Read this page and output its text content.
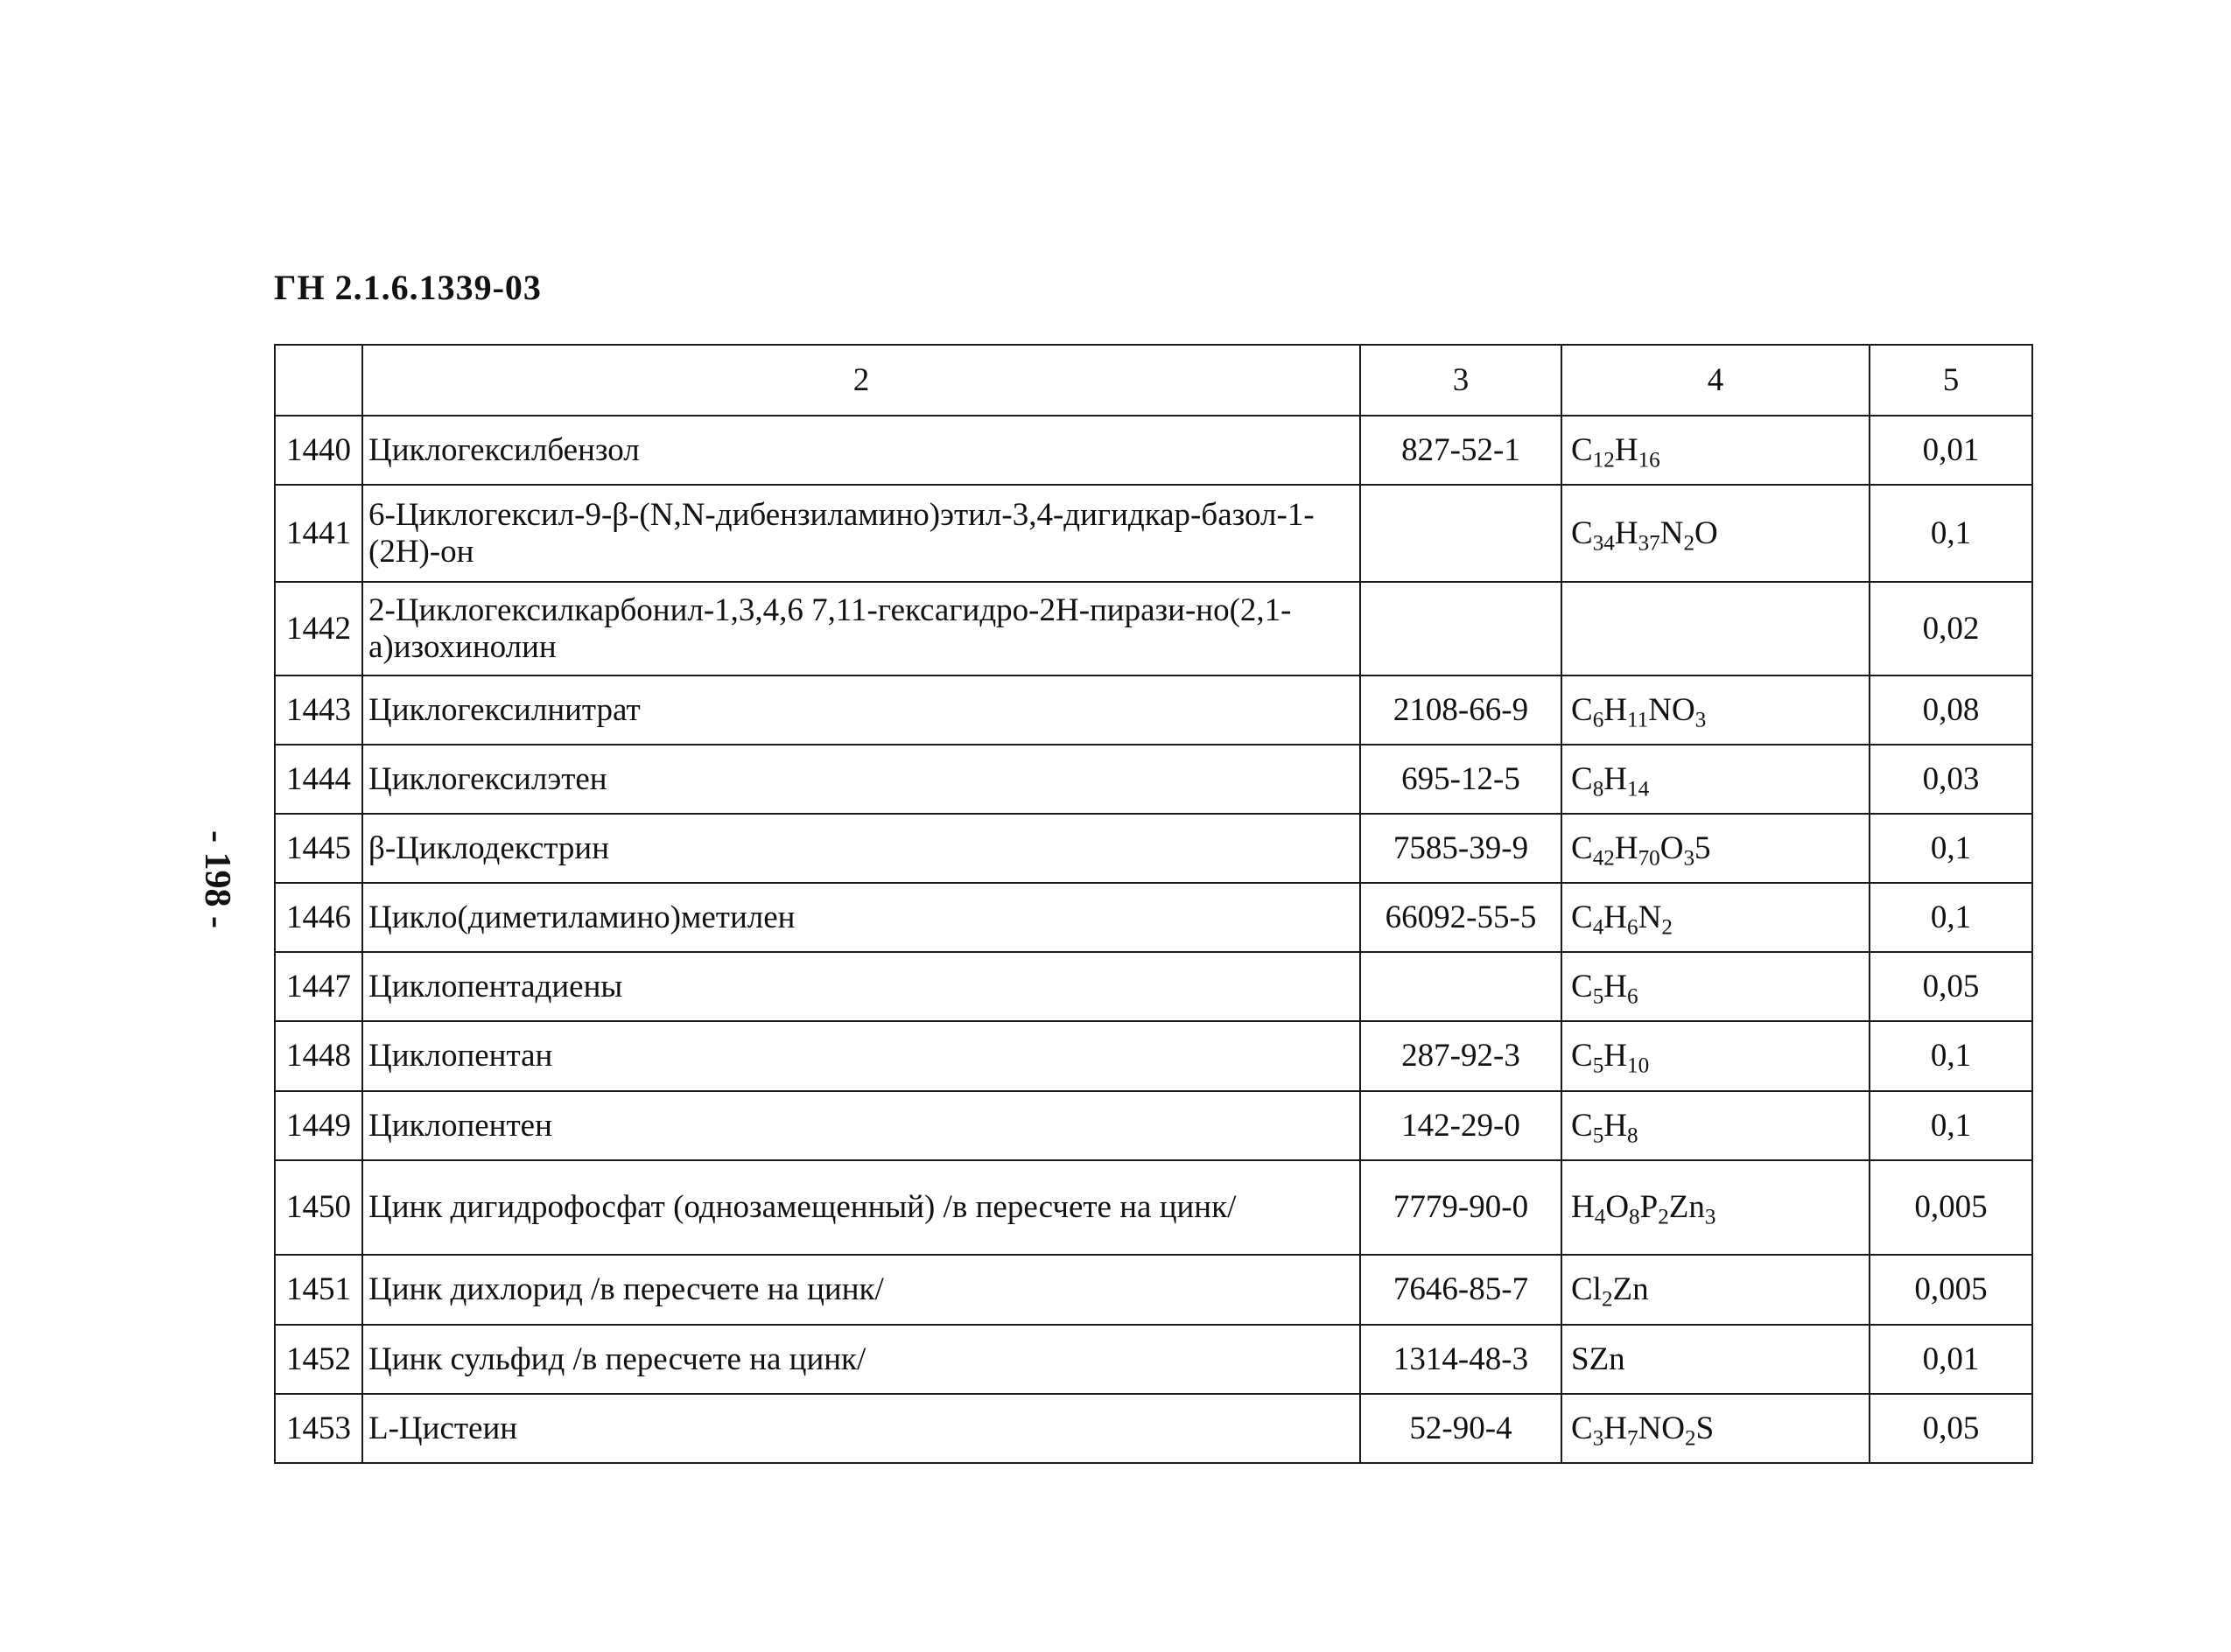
ГН 2.1.6.1339-03
- 198 -
	2	3	4	5
1440	Циклогексилбензол	827-52-1	$C_{12}H_{16}$	0,01
1441	6-Циклогексил-9-β-(N,N-дибензиламино)этил-3,4-дигидкар-базол-1-(2H)-он		$C_{34}H_{37}N_2O$	0,1
1442	2-Циклогексилкарбонил-1,3,4,6 7,11-гексагидро-2H-пирази-но(2,1-а)изохинолин			0,02
1443	Циклогексилнитрат	2108-66-9	$C_6H_{11}NO_3$	0,08
1444	Циклогексилэтен	695-12-5	$C_8H_{14}$	0,03
1445	β-Циклодекстрин	7585-39-9	$C_{42}H_{70}O_35$	0,1
1446	Цикло(диметиламино)метилен	66092-55-5	$C_4H_6N_2$	0,1
1447	Циклопентадиены		$C_5H_6$	0,05
1448	Циклопентан	287-92-3	$C_5H_{10}$	0,1
1449	Циклопентен	142-29-0	$C_5H_8$	0,1
1450	Цинк дигидрофосфат (однозамещенный) /в пересчете на цинк/	7779-90-0	$H_4O_8P_2Zn_3$	0,005
1451	Цинк дихлорид /в пересчете на цинк/	7646-85-7	$Cl_2Zn$	0,005
1452	Цинк сульфид /в пересчете на цинк/	1314-48-3	SZn	0,01
1453	L-Цистеин	52-90-4	$C_3H_7NO_2S$	0,05
